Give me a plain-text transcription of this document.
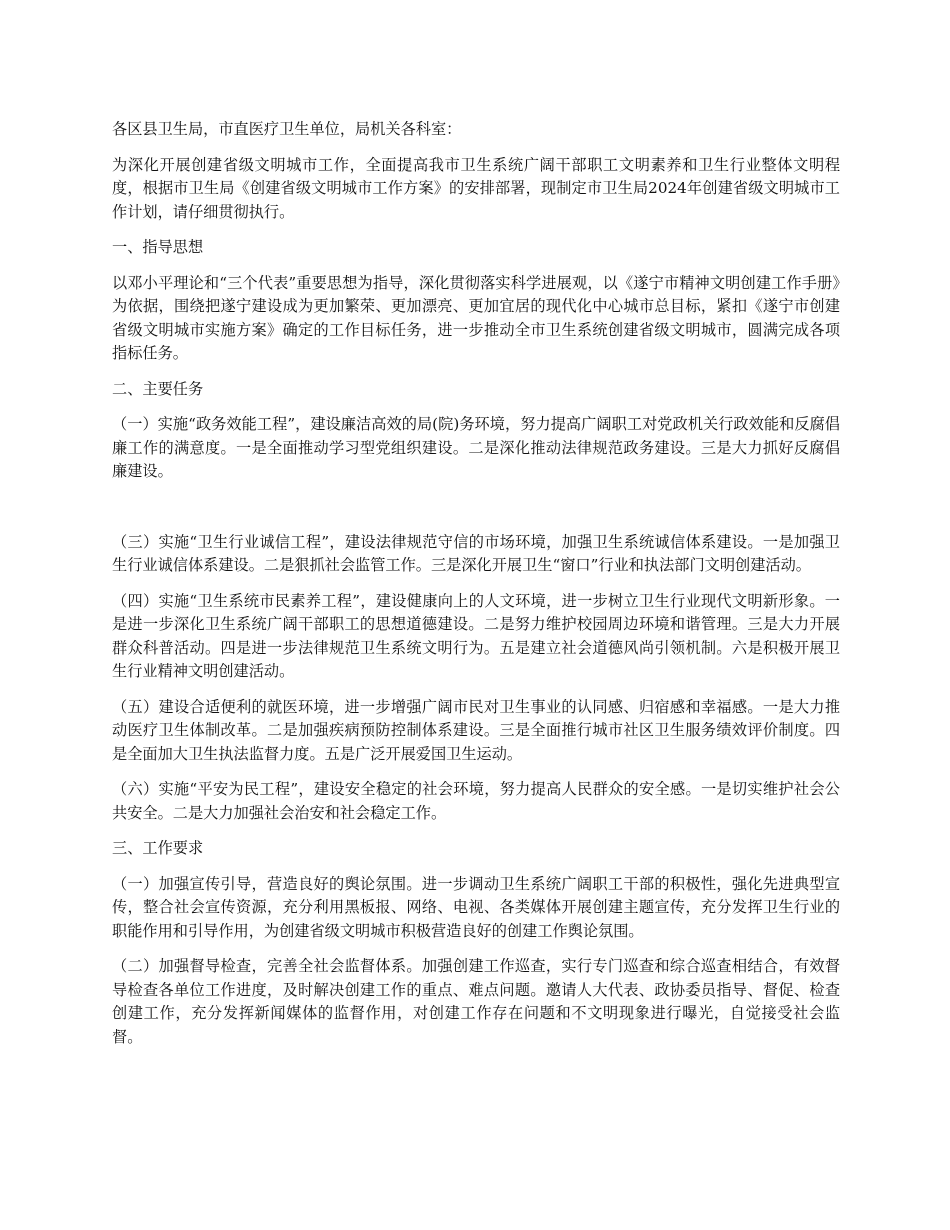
各区县卫生局，市直医疗卫生单位，局机关各科室：

为深化开展创建省级文明城市工作，全面提高我市卫生系统广阔干部职工文明素养和卫生行业整体文明程度，根据市卫生局《创建省级文明城市工作方案》的安排部署，现制定市卫生局2024年创建省级文明城市工作计划，请仔细贯彻执行。

一、指导思想

以邓小平理论和“三个代表”重要思想为指导，深化贯彻落实科学进展观，以《遂宁市精神文明创建工作手册》为依据，围绕把遂宁建设成为更加繁荣、更加漂亮、更加宜居的现代化中心城市总目标，紧扣《遂宁市创建省级文明城市实施方案》确定的工作目标任务，进一步推动全市卫生系统创建省级文明城市，圆满完成各项指标任务。

二、主要任务

（一）实施“政务效能工程”，建设廉洁高效的局(院)务环境，努力提高广阔职工对党政机关行政效能和反腐倡廉工作的满意度。一是全面推动学习型党组织建设。二是深化推动法律规范政务建设。三是大力抓好反腐倡廉建设。

（三）实施“卫生行业诚信工程”，建设法律规范守信的市场环境，加强卫生系统诚信体系建设。一是加强卫生行业诚信体系建设。二是狠抓社会监管工作。三是深化开展卫生“窗口”行业和执法部门文明创建活动。

（四）实施“卫生系统市民素养工程”，建设健康向上的人文环境，进一步树立卫生行业现代文明新形象。一是进一步深化卫生系统广阔干部职工的思想道德建设。二是努力维护校园周边环境和谐管理。三是大力开展群众科普活动。四是进一步法律规范卫生系统文明行为。五是建立社会道德风尚引领机制。六是积极开展卫生行业精神文明创建活动。

（五）建设合适便利的就医环境，进一步增强广阔市民对卫生事业的认同感、归宿感和幸福感。一是大力推动医疗卫生体制改革。二是加强疾病预防控制体系建设。三是全面推行城市社区卫生服务绩效评价制度。四是全面加大卫生执法监督力度。五是广泛开展爱国卫生运动。

（六）实施“平安为民工程”，建设安全稳定的社会环境，努力提高人民群众的安全感。一是切实维护社会公共安全。二是大力加强社会治安和社会稳定工作。

三、工作要求

（一）加强宣传引导，营造良好的舆论氛围。进一步调动卫生系统广阔职工干部的积极性，强化先进典型宣传，整合社会宣传资源，充分利用黑板报、网络、电视、各类媒体开展创建主题宣传，充分发挥卫生行业的职能作用和引导作用，为创建省级文明城市积极营造良好的创建工作舆论氛围。

（二）加强督导检查，完善全社会监督体系。加强创建工作巡查，实行专门巡查和综合巡查相结合，有效督导检查各单位工作进度，及时解决创建工作的重点、难点问题。邀请人大代表、政协委员指导、督促、检查创建工作，充分发挥新闻媒体的监督作用，对创建工作存在问题和不文明现象进行曝光，自觉接受社会监督。
